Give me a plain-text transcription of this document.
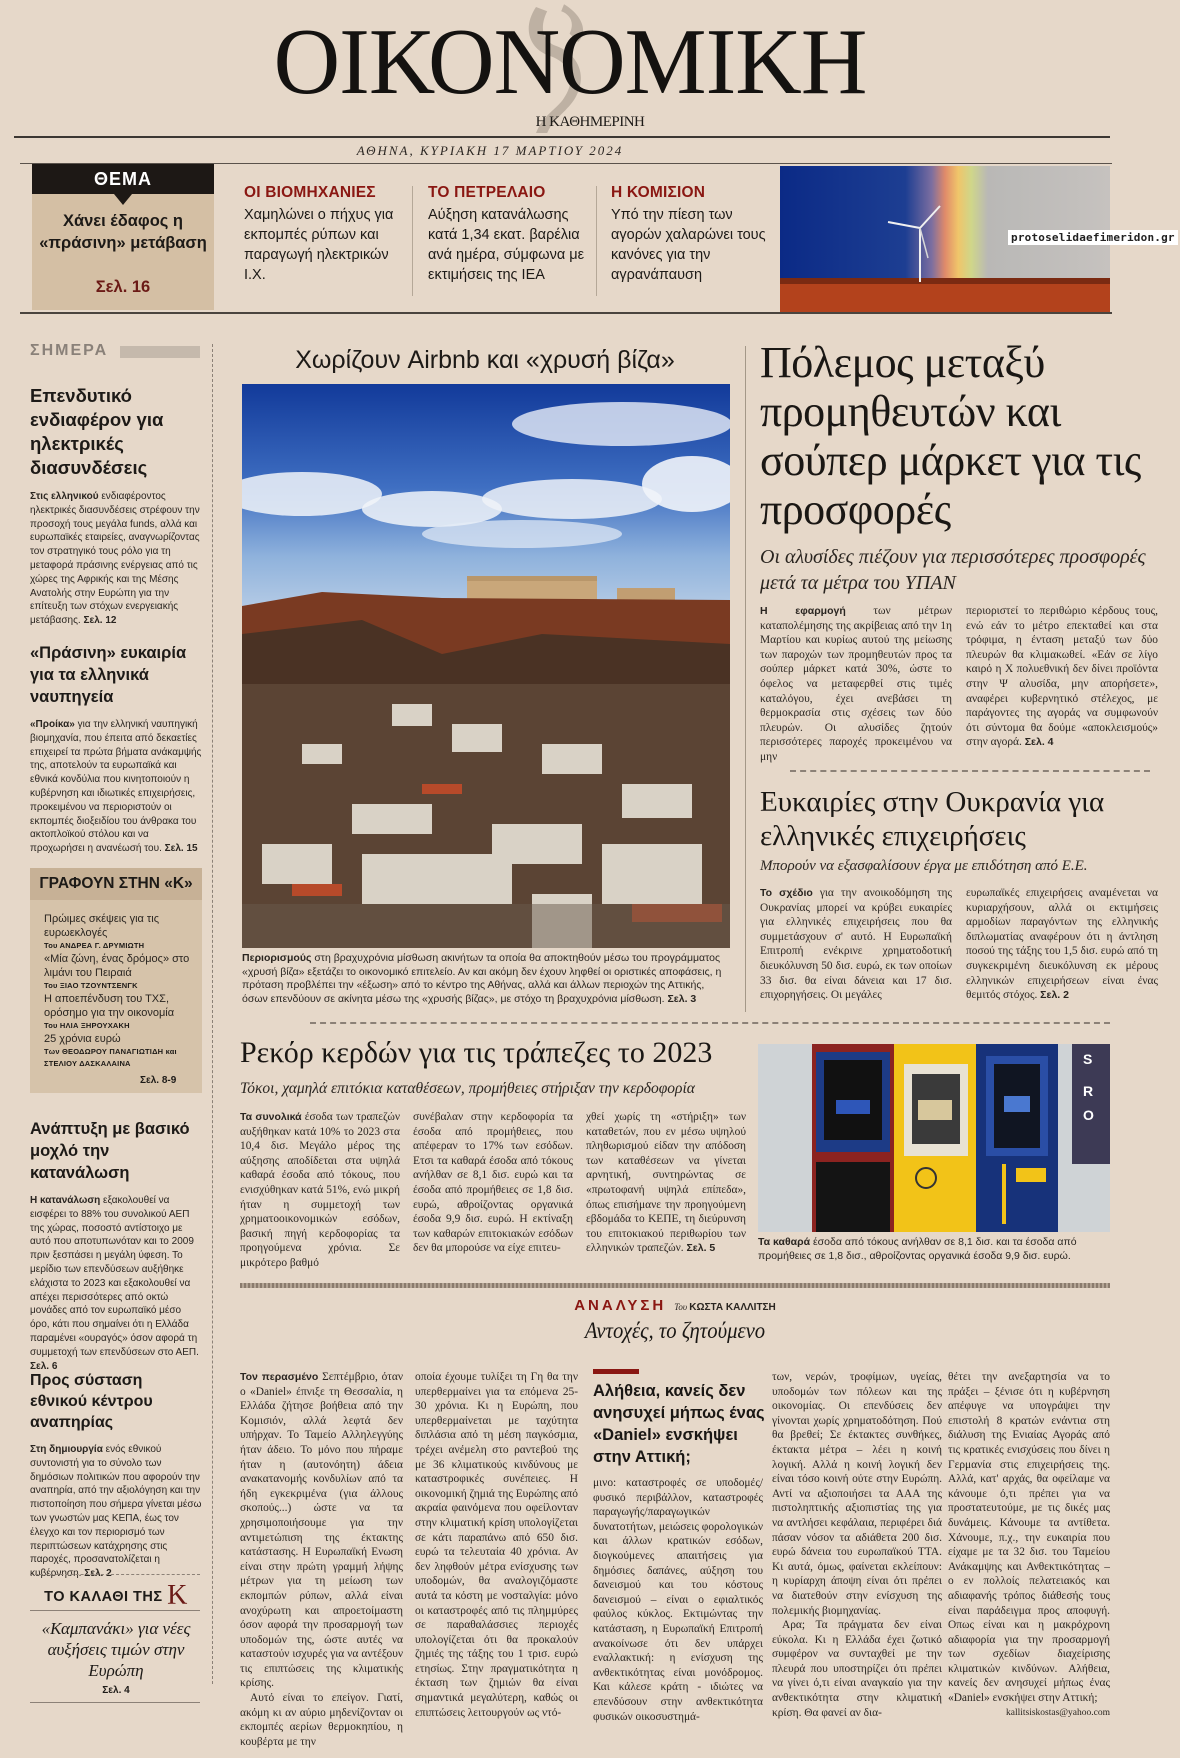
ΟΙΚΟΝΟΜΙΚΗ
Η ΚΑΘΗΜΕΡΙΝΗ
ΑΘΗΝΑ, ΚΥΡΙΑΚΗ 17 ΜΑΡΤΙΟΥ 2024
ΘΕΜΑ
Χάνει έδαφος η «πράσινη» μετάβαση
Σελ. 16
ΟΙ ΒΙΟΜΗΧΑΝΙΕΣ
Χαμηλώνει ο πήχυς για εκπομπές ρύπων και παραγωγή ηλεκτρικών Ι.Χ.
ΤΟ ΠΕΤΡΕΛΑΙΟ
Αύξηση κατανάλωσης κατά 1,34 εκατ. βαρέλια ανά ημέρα, σύμφωνα με εκτιμήσεις της ΙΕΑ
Η ΚΟΜΙΣΙΟΝ
Υπό την πίεση των αγορών χαλαρώνει τους κανόνες για την αγρανάπαυση
protoselidaefimeridon.gr
ΣΗΜΕΡΑ
Επενδυτικό ενδιαφέρον για ηλεκτρικές διασυνδέσεις
Στις ελληνικού ενδιαφέροντος ηλεκτρικές διασυνδέσεις στρέφουν την προσοχή τους μεγάλα funds, αλλά και ευρωπαϊκές εταιρείες, αναγνωρίζοντας τον στρατηγικό τους ρόλο για τη μεταφορά πράσινης ενέργειας από τις χώρες της Αφρικής και της Μέσης Ανατολής στην Ευρώπη για την επίτευξη των στόχων ενεργειακής μετάβασης. Σελ. 12
«Πράσινη» ευκαιρία για τα ελληνικά ναυπηγεία
«Προίκα» για την ελληνική ναυπηγική βιομηχανία, που έπειτα από δεκαετίες επιχειρεί τα πρώτα βήματα ανάκαμψής της, αποτελούν τα ευρωπαϊκά και εθνικά κονδύλια που κινητοποιούν η κυβέρνηση και ιδιωτικές επιχειρήσεις, προκειμένου να περιοριστούν οι εκπομπές διοξειδίου του άνθρακα του ακτοπλοϊκού στόλου και να προχωρήσει η ανανέωσή του. Σελ. 15
ΓΡΑΦΟΥΝ ΣΤΗΝ «Κ»
Πρώιμες σκέψεις για τις ευρωεκλογές
Του ΑΝΔΡΕΑ Γ. ΔΡΥΜΙΩΤΗ
«Μία ζώνη, ένας δρόμος» στο λιμάνι του Πειραιά
Του ΞΙΑΟ ΤΖΟΥΝΤΣΕΝΓΚ
Η αποεπένδυση του ΤΧΣ, ορόσημο για την οικονομία
Του ΗΛΙΑ ΞΗΡΟΥΧΑΚΗ
25 χρόνια ευρώ
Των ΘΕΟΔΩΡΟΥ ΠΑΝΑΓΙΩΤΙΔΗ και ΣΤΕΛΙΟΥ ΔΑΣΚΑΛΑΙΝΑ
Σελ. 8-9
Ανάπτυξη με βασικό μοχλό την κατανάλωση
Η κατανάλωση εξακολουθεί να εισφέρει το 88% του συνολικού ΑΕΠ της χώρας, ποσοστό αντίστοιχο με αυτό που αποτυπωνόταν και το 2009 πριν ξεσπάσει η μεγάλη ύφεση. Το μερίδιο των επενδύσεων αυξήθηκε ελάχιστα το 2023 και εξακολουθεί να απέχει περισσότερες από οκτώ μονάδες από τον ευρωπαϊκό μέσο όρο, κάτι που σημαίνει ότι η Ελλάδα παραμένει «ουραγός» όσον αφορά τη συμμετοχή των επενδύσεων στο ΑΕΠ. Σελ. 6
Προς σύσταση εθνικού κέντρου αναπηρίας
Στη δημιουργία ενός εθνικού συντονιστή για το σύνολο των δημόσιων πολιτικών που αφορούν την αναπηρία, από την αξιολόγηση και την πιστοποίηση που σήμερα γίνεται μέσω των γνωστών μας ΚΕΠΑ, έως τον έλεγχο και τον περιορισμό των περιπτώσεων κατάχρησης στις παροχές, προσανατολίζεται η κυβέρνηση. Σελ. 2
ΤΟ ΚΑΛΑΘΙ ΤΗΣ Κ
«Καμπανάκι» για νέες αυξήσεις τιμών στην Ευρώπη
Σελ. 4
Χωρίζουν Airbnb και «χρυσή βίζα»
Περιορισμούς στη βραχυχρόνια μίσθωση ακινήτων τα οποία θα αποκτηθούν μέσω του προγράμματος «χρυσή βίζα» εξετάζει το οικονομικό επιτελείο. Αν και ακόμη δεν έχουν ληφθεί οι οριστικές αποφάσεις, η πρόταση προβλέπει την «έξωση» από το κέντρο της Αθήνας, αλλά και άλλων περιοχών της Αττικής, όσων επενδύουν σε ακίνητα μέσω της «χρυσής βίζας», με στόχο τη βραχυχρόνια μίσθωση. Σελ. 3
Πόλεμος μεταξύ προμηθευτών και σούπερ μάρκετ για τις προσφορές
Οι αλυσίδες πιέζουν για περισσότερες προσφορές μετά τα μέτρα του ΥΠΑΝ
Η εφαρμογή των μέτρων καταπολέμησης της ακρίβειας από την 1η Μαρτίου και κυρίως αυτού της μείωσης των παροχών των προμηθευτών προς τα σούπερ μάρκετ κατά 30%, ώστε το όφελος να μεταφερθεί στις τιμές καταλόγου, έχει ανεβάσει τη θερμοκρασία στις σχέσεις των δύο πλευρών. Οι αλυσίδες ζητούν περισσότερες παροχές προκειμένου να μην
περιοριστεί το περιθώριο κέρδους τους, ενώ εάν το μέτρο επεκταθεί και στα τρόφιμα, η ένταση μεταξύ των δύο πλευρών θα κλιμακωθεί. «Εάν σε λίγο καιρό η Χ πολυεθνική δεν δίνει προϊόντα στην Ψ αλυσίδα, μην απορήσετε», αναφέρει κυβερνητικό στέλεχος, με παράγοντες της αγοράς να συμφωνούν ότι σύντομα θα δούμε «αποκλεισμούς» στην αγορά. Σελ. 4
Ευκαιρίες στην Ουκρανία για ελληνικές επιχειρήσεις
Μπορούν να εξασφαλίσουν έργα με επιδότηση από Ε.Ε.
Το σχέδιο για την ανοικοδόμηση της Ουκρανίας μπορεί να κρύβει ευκαιρίες για ελληνικές επιχειρήσεις που θα συμμετάσχουν σ' αυτό. Η Ευρωπαϊκή Επιτροπή ενέκρινε χρηματοδοτική διευκόλυνση 50 δισ. ευρώ, εκ των οποίων 33 δισ. θα είναι δάνεια και 17 δισ. επιχορηγήσεις. Οι μεγάλες
ευρωπαϊκές επιχειρήσεις αναμένεται να κυριαρχήσουν, αλλά οι εκτιμήσεις αρμοδίων παραγόντων της ελληνικής διπλωματίας αναφέρουν ότι η άντληση ποσού της τάξης του 1,5 δισ. ευρώ από τη συγκεκριμένη διευκόλυνση εκ μέρους ελληνικών επιχειρήσεων είναι ένας θεμιτός στόχος. Σελ. 2
Ρεκόρ κερδών για τις τράπεζες το 2023
Τόκοι, χαμηλά επιτόκια καταθέσεων, προμήθειες στήριξαν την κερδοφορία
Τα συνολικά έσοδα των τραπεζών αυξήθηκαν κατά 10% το 2023 στα 10,4 δισ. Μεγάλο μέρος της αύξησης αποδίδεται στα υψηλά καθαρά έσοδα από τόκους, που ενισχύθηκαν κατά 51%, ενώ μικρή ήταν η συμμετοχή των χρηματοοικονομικών εσόδων, βασική πηγή κερδοφορίας τα προηγούμενα χρόνια. Σε μικρότερο βαθμό
συνέβαλαν στην κερδοφορία τα έσοδα από προμήθειες, που απέφεραν το 17% των εσόδων. Ετσι τα καθαρά έσοδα από τόκους ανήλθαν σε 8,1 δισ. ευρώ και τα έσοδα από προμήθειες σε 1,8 δισ. ευρώ, αθροίζοντας οργανικά έσοδα 9,9 δισ. ευρώ. Η εκτίναξη των καθαρών επιτοκιακών εσόδων δεν θα μπορούσε να είχε επιτευ-
χθεί χωρίς τη «στήριξη» των καταθετών, που εν μέσω υψηλού πληθωρισμού είδαν την απόδοση των καταθέσεων να γίνεται αρνητική, συντηρώντας σε «πρωτοφανή υψηλά επίπεδα», όπως επισήμανε την προηγούμενη εβδομάδα το ΚΕΠΕ, τη διεύρυνση του επιτοκιακού περιθωρίου των ελληνικών τραπεζών. Σελ. 5
S
R
O
Τα καθαρά έσοδα από τόκους ανήλθαν σε 8,1 δισ. και τα έσοδα από προμήθειες σε 1,8 δισ., αθροίζοντας οργανικά έσοδα 9,9 δισ. ευρώ.
ΑΝΑΛΥΣΗ Του ΚΩΣΤΑ ΚΑΛΛΙΤΣΗ
Αντοχές, το ζητούμενο
Τον περασμένο Σεπτέμβριο, όταν ο «Daniel» έπνιξε τη Θεσσαλία, η Ελλάδα ζήτησε βοήθεια από την Κομισιόν, αλλά λεφτά δεν υπήρχαν. Το Ταμείο Αλληλεγγύης ήταν άδειο. Το μόνο που πήραμε ήταν η (αυτονόητη) άδεια ανακατανομής κονδυλίων από τα ήδη εγκεκριμένα (για άλλους σκοπούς...) ώστε να τα χρησιμοποιήσουμε για την αντιμετώπιση της έκτακτης κατάστασης. Η Ευρωπαϊκή Ενωση είναι στην πρώτη γραμμή λήψης μέτρων για τη μείωση των εκπομπών ρύπων, αλλά είναι ανοχύρωτη και απροετοίμαστη όσον αφορά την προσαρμογή των υποδομών της, ώστε αυτές να καταστούν ισχυρές για να αντέξουν τις επιπτώσεις της κλιματικής κρίσης.
Αυτό είναι το επείγον. Γιατί, ακόμη κι αν αύριο μηδενίζονταν οι εκπομπές αερίων θερμοκηπίου, η κουβέρτα με την
οποία έχουμε τυλίξει τη Γη θα την υπερθερμαίνει για τα επόμενα 25-30 χρόνια. Κι η Ευρώπη, που υπερθερμαίνεται με ταχύτητα διπλάσια από τη μέση παγκόσμια, τρέχει ανέμελη στο ραντεβού της με 36 κλιματικούς κινδύνους με καταστροφικές συνέπειες. Η οικονομική ζημιά της Ευρώπης από ακραία φαινόμενα που οφείλονταν στην κλιματική κρίση υπολογίζεται σε κάτι παραπάνω από 650 δισ. ευρώ τα τελευταία 40 χρόνια. Αν δεν ληφθούν μέτρα ενίσχυσης των υποδομών, θα αναλογιζόμαστε αυτά τα κόστη με νοσταλγία: μόνο οι καταστροφές από τις πλημμύρες σε παραθαλάσσιες περιοχές υπολογίζεται ότι θα προκαλούν ζημιές της τάξης του 1 τρισ. ευρώ ετησίως. Στην πραγματικότητα η έκταση των ζημιών θα είναι σημαντικά μεγαλύτερη, καθώς οι επιπτώσεις λειτουργούν ως ντό-
Αλήθεια, κανείς δεν ανησυχεί μήπως ένας «Daniel» ενσκήψει στην Αττική;
μινο: καταστροφές σε υποδομές/φυσικό περιβάλλον, καταστροφές παραγωγής/παραγωγικών δυνατοτήτων, μειώσεις φορολογικών και άλλων κρατικών εσόδων, διογκούμενες απαιτήσεις για δημόσιες δαπάνες, αύξηση του δανεισμού και του κόστους δανεισμού – είναι ο εφιαλτικός φαύλος κύκλος. Εκτιμώντας την κατάσταση, η Ευρωπαϊκή Επιτροπή ανακοίνωσε ότι δεν υπάρχει εναλλακτική: η ενίσχυση της ανθεκτικότητας είναι μονόδρομος. Και κάλεσε κράτη - ιδιώτες να επενδύσουν στην ανθεκτικότητα φυσικών οικοσυστημά-
των, νερών, τροφίμων, υγείας, υποδομών των πόλεων και της οικονομίας. Οι επενδύσεις δεν γίνονται χωρίς χρηματοδότηση. Πού θα βρεθεί; Σε έκτακτες συνθήκες, έκτακτα μέτρα – λέει η κοινή λογική. Αλλά η κοινή λογική δεν είναι τόσο κοινή ούτε στην Ευρώπη. Αντί να αξιοποιήσει τα ΑΑΑ της πιστοληπτικής αξιοπιστίας της για να αντλήσει κεφάλαια, περιφέρει διά πάσαν νόσον τα αδιάθετα 200 δισ. ευρώ δάνεια του ευρωπαϊκού ΤΤΑ. Κι αυτά, όμως, φαίνεται εκλείπουν: η κυρίαρχη άποψη είναι ότι πρέπει να διατεθούν στην ενίσχυση της πολεμικής βιομηχανίας.
Αρα; Τα πράγματα δεν είναι εύκολα. Κι η Ελλάδα έχει ζωτικό συμφέρον να συνταχθεί με την πλευρά που υποστηρίζει ότι πρέπει να γίνει ό,τι είναι αναγκαίο για την ανθεκτικότητα στην κλιματική κρίση. Θα φανεί αν δια-
θέτει την ανεξαρτησία να το πράξει – ξένισε ότι η κυβέρνηση απέφυγε να υπογράψει την επιστολή 8 κρατών ενάντια στη διάλυση της Ενιαίας Αγοράς από τις κρατικές ενισχύσεις που δίνει η Γερμανία στις επιχειρήσεις της. Αλλά, κατ' αρχάς, θα οφείλαμε να κάνουμε ό,τι πρέπει για να προστατευτούμε, με τις δικές μας δυνάμεις. Κάνουμε τα αντίθετα. Χάνουμε, π.χ., την ευκαιρία που είχαμε με τα 32 δισ. του Ταμείου Ανάκαμψης και Ανθεκτικότητας – ο εν πολλοίς πελατειακός και αδιαφανής τρόπος διάθεσής τους είναι παράδειγμα προς αποφυγή. Οπως είναι και η μακρόχρονη αδιαφορία για την προσαρμογή των σχεδίων διαχείρισης κλιματικών κινδύνων. Αλήθεια, κανείς δεν ανησυχεί μήπως ένας «Daniel» ενσκήψει στην Αττική;
kallitsiskostas@yahoo.com
